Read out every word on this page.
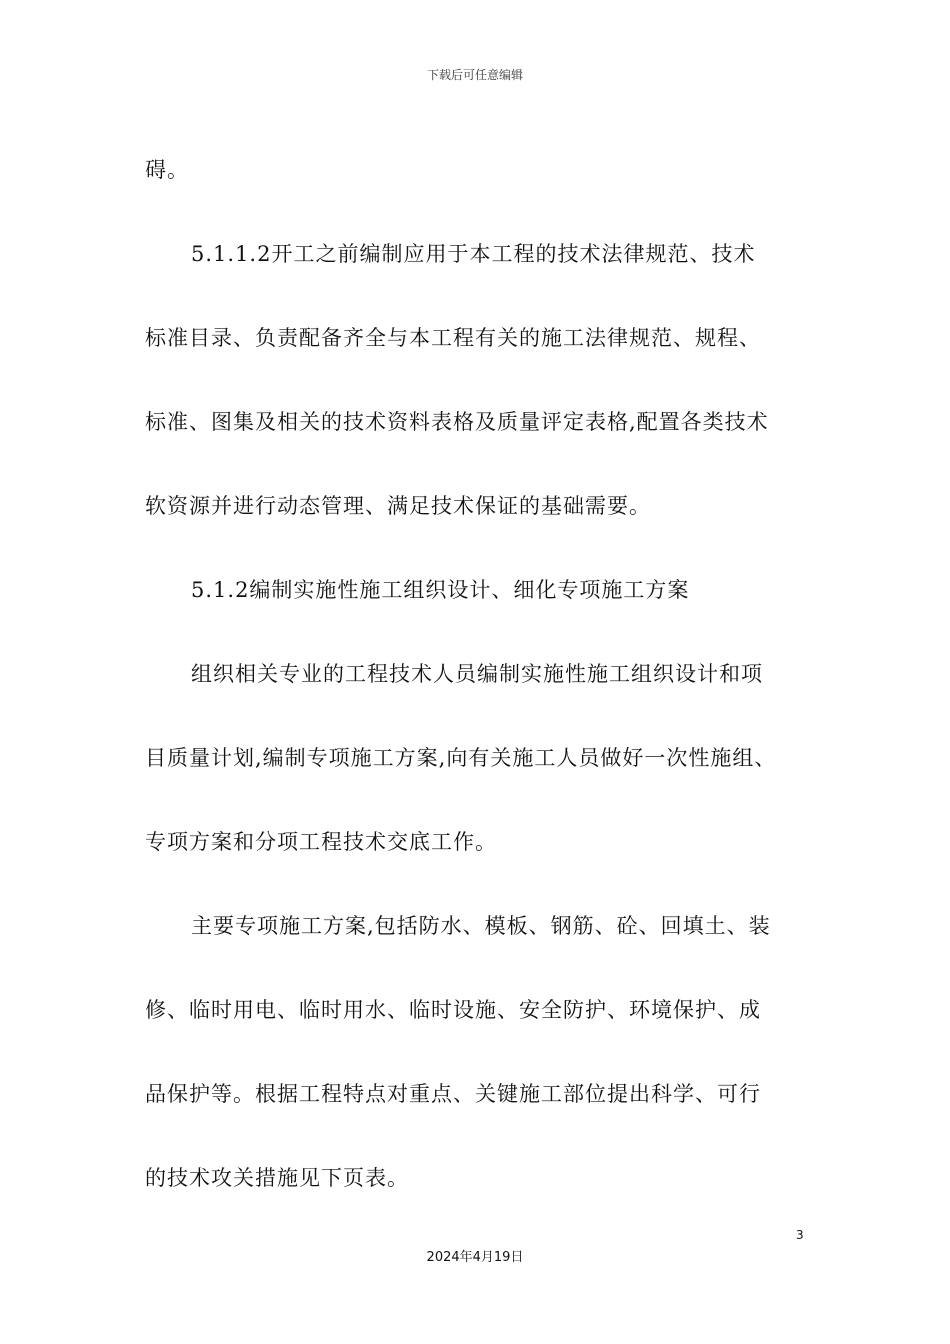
下载后可任意编辑
碍。
5.1.1.2开工之前编制应用于本工程的技术法律规范、技术
标准目录、负责配备齐全与本工程有关的施工法律规范、规程、
标准、图集及相关的技术资料表格及质量评定表格,配置各类技术
软资源并进行动态管理、满足技术保证的基础需要。
5.1.2编制实施性施工组织设计、细化专项施工方案
组织相关专业的工程技术人员编制实施性施工组织设计和项
目质量计划,编制专项施工方案,向有关施工人员做好一次性施组、
专项方案和分项工程技术交底工作。
主要专项施工方案,包括防水、模板、钢筋、砼、回填土、装
修、临时用电、临时用水、临时设施、安全防护、环境保护、成
品保护等。根据工程特点对重点、关键施工部位提出科学、可行
的技术攻关措施见下页表。
3
2024年4月19日
